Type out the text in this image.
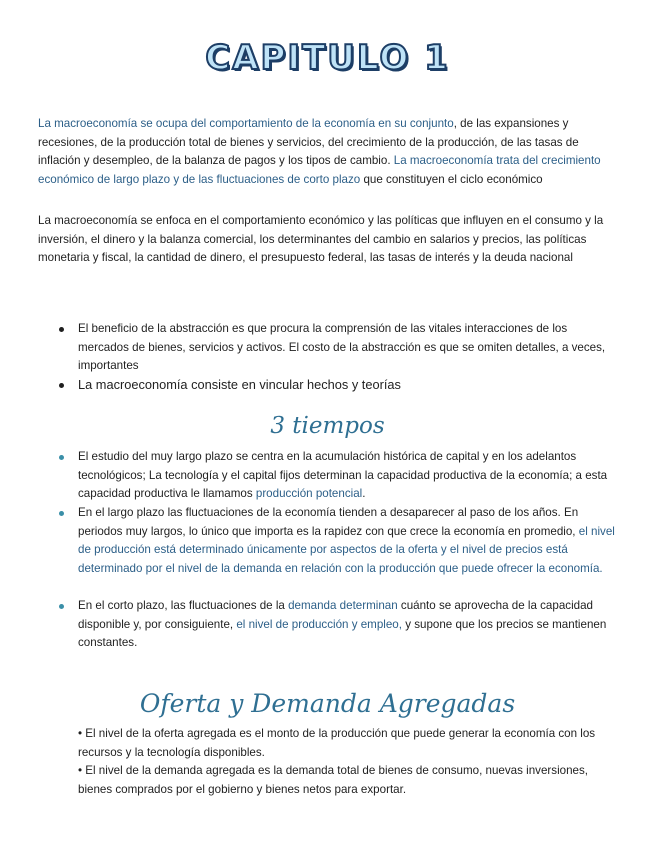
CAPITULO 1

La macroeconomía se ocupa del comportamiento de la economía en su conjunto, de las expansiones y recesiones, de la producción total de bienes y servicios, del crecimiento de la producción, de las tasas de inflación y desempleo, de la balanza de pagos y los tipos de cambio. La macroeconomía trata del crecimiento económico de largo plazo y de las fluctuaciones de corto plazo que constituyen el ciclo económico

La macroeconomía se enfoca en el comportamiento económico y las políticas que influyen en el consumo y la inversión, el dinero y la balanza comercial, los determinantes del cambio en salarios y precios, las políticas monetaria y fiscal, la cantidad de dinero, el presupuesto federal, las tasas de interés y la deuda nacional

El beneficio de la abstracción es que procura la comprensión de las vitales interacciones de los mercados de bienes, servicios y activos. El costo de la abstracción es que se omiten detalles, a veces, importantes
La macroeconomía consiste en vincular hechos y teorías
3 tiempos
El estudio del muy largo plazo se centra en la acumulación histórica de capital y en los adelantos tecnológicos; La tecnología y el capital fijos determinan la capacidad productiva de la economía; a esta capacidad productiva le llamamos producción potencial.
En el largo plazo las fluctuaciones de la economía tienden a desaparecer al paso de los años. En periodos muy largos, lo único que importa es la rapidez con que crece la economía en promedio, el nivel de producción está determinado únicamente por aspectos de la oferta y el nivel de precios está determinado por el nivel de la demanda en relación con la producción que puede ofrecer la economía.
En el corto plazo, las fluctuaciones de la demanda determinan cuánto se aprovecha de la capacidad disponible y, por consiguiente, el nivel de producción y empleo, y supone que los precios se mantienen constantes.
Oferta y Demanda Agregadas

• El nivel de la oferta agregada es el monto de la producción que puede generar la economía con los recursos y la tecnología disponibles.

• El nivel de la demanda agregada es la demanda total de bienes de consumo, nuevas inversiones, bienes comprados por el gobierno y bienes netos para exportar.
